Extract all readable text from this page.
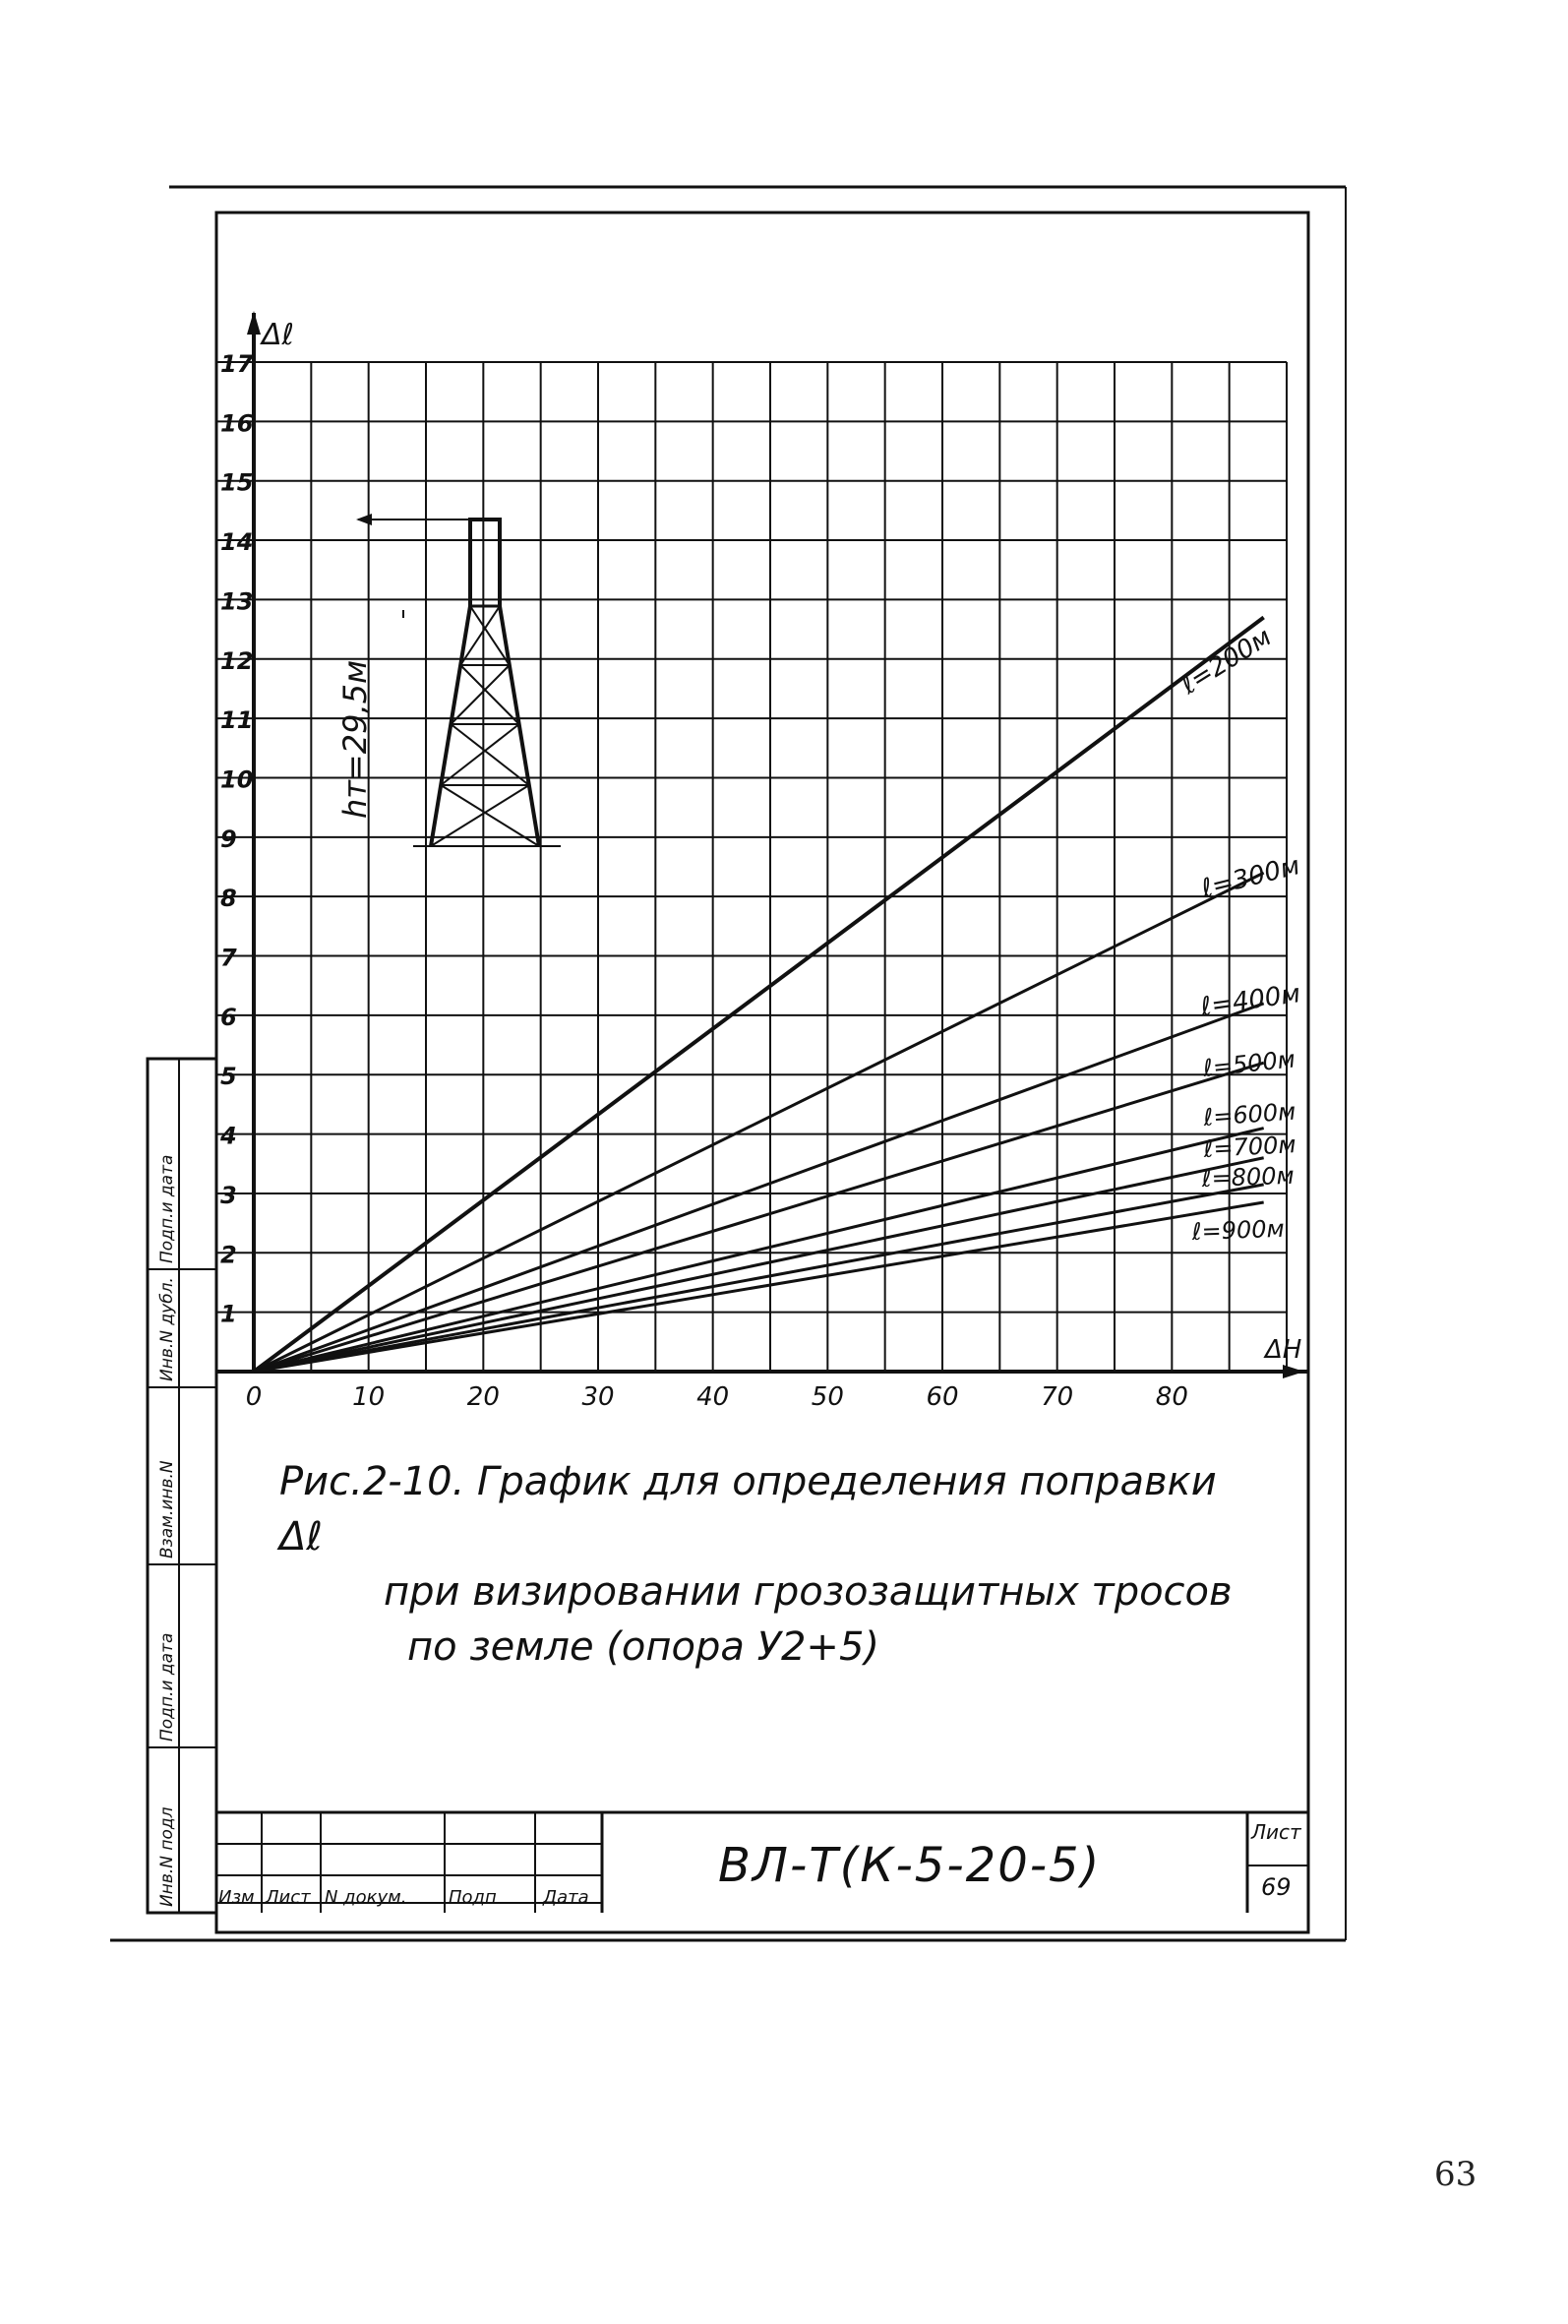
Δℓ
ΔH
0	10	20	30	40	50	60	70	80
1
2
3
4
5
6
7
8
9
10
11
12
13
14
15
16
17
ℓ=200м
ℓ=300м
ℓ=400м
ℓ=500м
ℓ=600м
ℓ=700м
ℓ=800м
ℓ=900м
hт=29,5м
Рис.2-10. График для определения поправки Δℓ
при визировании грозозащитных тросов
по земле (опора У2+5)
ВЛ-Т(К-5-20-5)
Лист
69
Изм Лист N докум. Подп	Дата
Инв.N подл
Подп.и дата
Взам.инв.N
Инв.N дубл.
Подп.и дата
63
